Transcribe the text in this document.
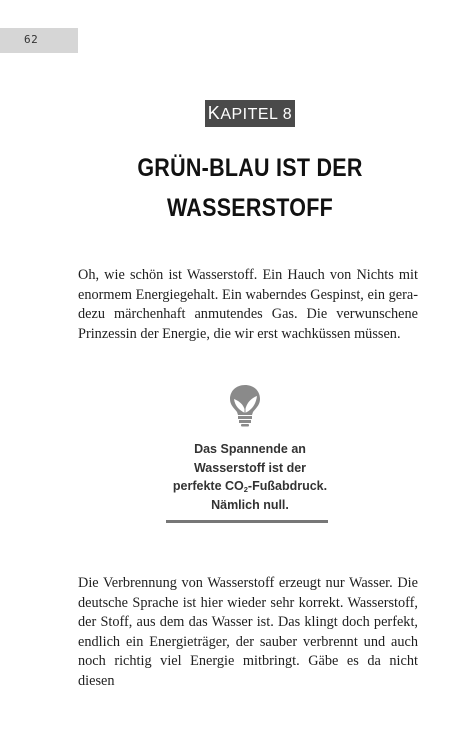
62
KAPITEL 8
GRÜN-BLAU IST DER
WASSERSTOFF

Oh, wie schön ist Wasserstoff. Ein Hauch von Nichts mit enormem Energiegehalt. Ein waberndes Gespinst, ein geradezu märchenhaft anmutendes Gas. Die verwunschene Prinzessin der Energie, die wir erst wachküssen müssen.

Das Spannende an
Wasserstoff ist der
perfekte $CO_2$-Fußabdruck.
Nämlich null.

Die Verbrennung von Wasserstoff erzeugt nur Wasser. Die deutsche Sprache ist hier wieder sehr korrekt. Wasserstoff, der Stoff, aus dem das Wasser ist. Das klingt doch perfekt, endlich ein Energieträger, der sauber verbrennt und auch noch richtig viel Energie mitbringt. Gäbe es da nicht diesen
